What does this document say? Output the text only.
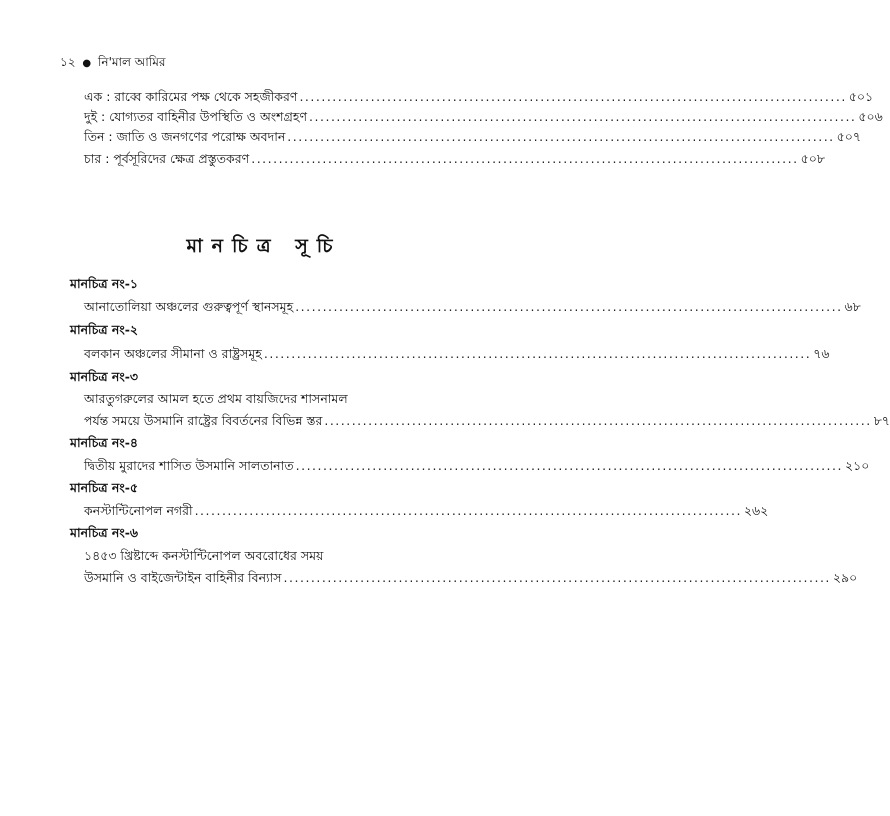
১২ ● নি'মাল আমির
এক : রাব্বে কারিমের পক্ষ থেকে সহজীকরণ .................................................................................................... ৫০১
দুই : যোগ্যতর বাহিনীর উপস্থিতি ও অংশগ্রহণ .................................................................................................... ৫০৬
তিন : জাতি ও জনগণের পরোক্ষ অবদান .................................................................................................... ৫০৭
চার : পূর্বসূরিদের ক্ষেত্র প্রস্তুতকরণ .................................................................................................... ৫০৮
মানচিত্র সূচি
মানচিত্র নং-১
আনাতোলিয়া অঞ্চলের গুরুত্বপূর্ণ স্থানসমূহ .................................................................................................... ৬৮
মানচিত্র নং-২
বলকান অঞ্চলের সীমানা ও রাষ্ট্রসমূহ .................................................................................................... ৭৬
মানচিত্র নং-৩
আরতুগরুলের আমল হতে প্রথম বায়জিদের শাসনামল
পর্যন্ত সময়ে উসমানি রাষ্ট্রের বিবর্তনের বিভিন্ন স্তর .................................................................................................... ৮৭
মানচিত্র নং-৪
দ্বিতীয় মুরাদের শাসিত উসমানি সালতানাত .................................................................................................... ২১০
মানচিত্র নং-৫
কনস্টান্টিনোপল নগরী .................................................................................................... ২৬২
মানচিত্র নং-৬
১৪৫৩ খ্রিষ্টাব্দে কনস্টান্টিনোপল অবরোধের সময়
উসমানি ও বাইজেন্টাইন বাহিনীর বিন্যাস .................................................................................................... ২৯০
